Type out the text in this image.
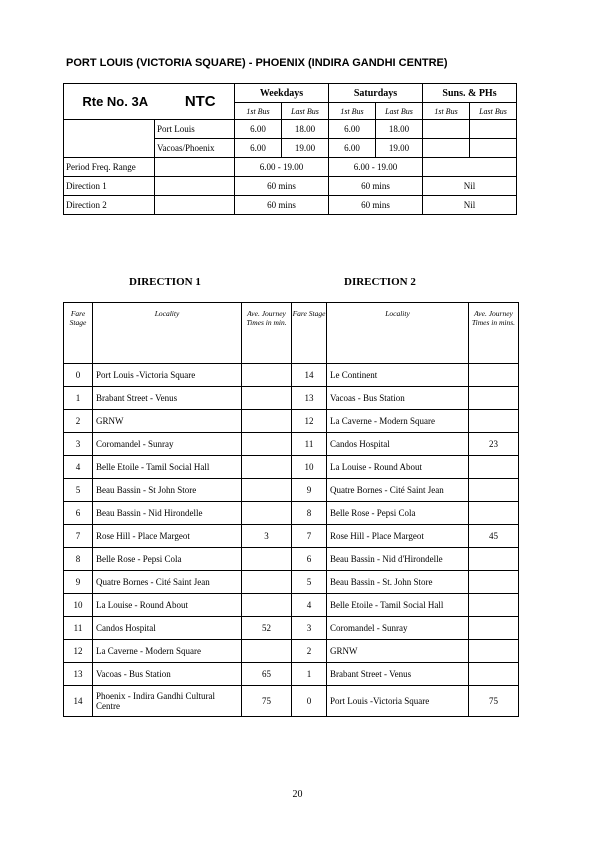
PORT LOUIS (VICTORIA SQUARE) - PHOENIX (INDIRA GANDHI CENTRE)
Rte No. 3A NTC		Weekdays		Saturdays		Suns. & PHs	
		1st Bus	Last Bus	1st Bus	Last Bus	1st Bus	Last Bus
	Port Louis	6.00	18.00	6.00	18.00		
	Vacoas/Phoenix	6.00	19.00	6.00	19.00		
Period Freq. Range		6.00 - 19.00		6.00 - 19.00			
Direction 1		60 mins		60 mins		Nil	
Direction 2		60 mins		60 mins		Nil	
DIRECTION 1	DIRECTION 2
Fare Stage	Locality	Ave. Journey Times in min.	Fare Stage	Locality	Ave. Journey Times in mins.
0	Port Louis -Victoria Square		14	Le Continent	
1	Brabant Street - Venus		13	Vacoas - Bus Station	
2	GRNW		12	La Caverne - Modern Square	
3	Coromandel - Sunray		11	Candos Hospital	23
4	Belle Etoile - Tamil Social Hall		10	La Louise - Round About	
5	Beau Bassin - St John Store		9	Quatre Bornes - Cité Saint Jean	
6	Beau Bassin - Nid Hirondelle		8	Belle Rose - Pepsi Cola	
7	Rose Hill - Place Margeot	3	7	Rose Hill - Place Margeot	45
8	Belle Rose - Pepsi Cola		6	Beau Bassin - Nid d'Hirondelle	
9	Quatre Bornes - Cité Saint Jean		5	Beau Bassin - St. John Store	
10	La Louise - Round About		4	Belle Etoile - Tamil Social Hall	
11	Candos Hospital	52	3	Coromandel - Sunray	
12	La Caverne - Modern Square		2	GRNW	
13	Vacoas - Bus Station	65	1	Brabant Street - Venus	
14	Phoenix - Indira Gandhi Cultural Centre	75	0	Port Louis -Victoria Square	75
20
